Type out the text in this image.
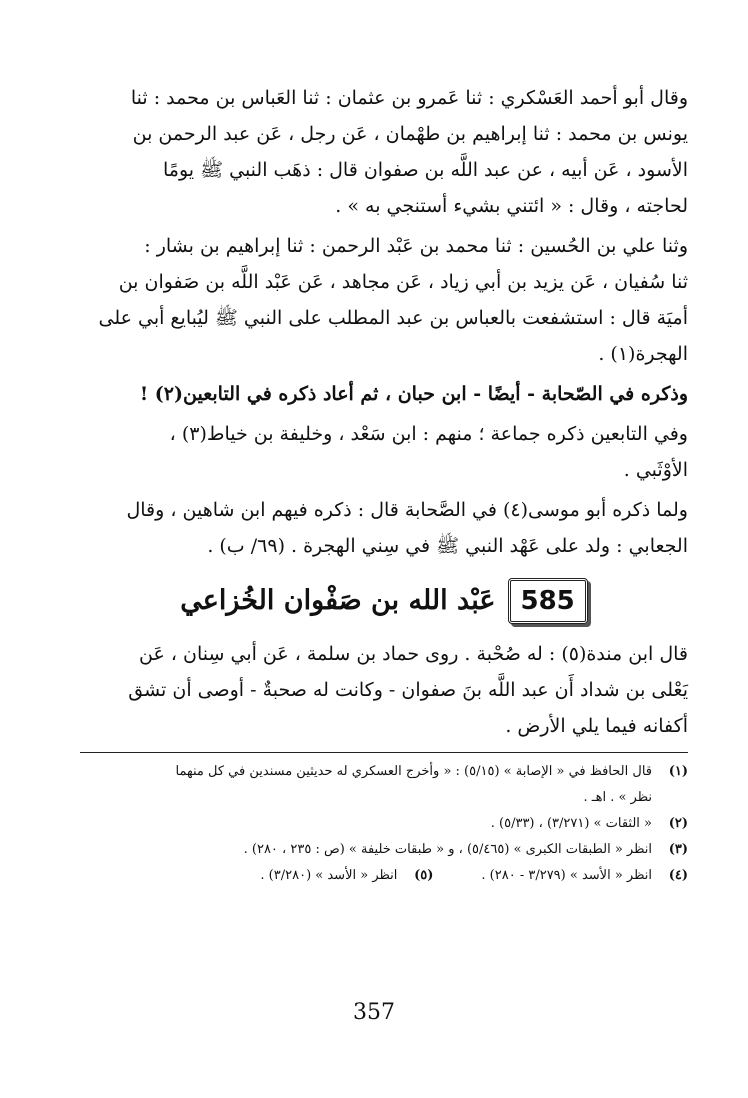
وقال أبو أحمد العَسْكري : ثنا عَمرو بن عثمان : ثنا العَباس بن محمد : ثنا
يونس بن محمد : ثنا إبراهيم بن طهْمان ، عَن رجل ، عَن عبد الرحمن بن
الأسود ، عَن أبيه ، عن عبد اللَّه بن صفوان قال : ذهَب النبي ﷺ يومًا
لحاجته ، وقال : « ائتني بشيء أستنجي به » .

وثنا علي بن الحُسين : ثنا محمد بن عَبْد الرحمن : ثنا إبراهيم بن بشار :
ثنا سُفيان ، عَن يزيد بن أبي زياد ، عَن مجاهد ، عَن عَبْد اللَّه بن صَفوان بن
أميَة قال : استشفعت بالعباس بن عبد المطلب على النبي ﷺ ليُبايع أبي على
الهجرة(١) .

وذكره في الصّحابة - أيضًا - ابن حبان ، ثم أعاد ذكره في التابعين(٢) !

وفي التابعين ذكره جماعة ؛ منهم : ابن سَعْد ، وخليفة بن خياط(٣) ،
الأوْثَبي .

ولما ذكره أبو موسى(٤) في الصَّحابة قال : ذكره فيهم ابن شاهين ، وقال
الجعابي : ولد على عَهْد النبي ﷺ في سِني الهجرة . (٦٩/ ب) .

585
عَبْد الله بن صَفْوان الخُزاعي

قال ابن مندة(٥) : له صُحْبة . روى حماد بن سلمة ، عَن أبي سِنان ، عَن
يَعْلى بن شداد أَن عبد اللَّه بنَ صفوان - وكانت له صحبةٌ - أوصى أن تشق
أكفانه فيما يلي الأرض .

(١)
قال الحافظ في « الإصابة » (٥/١٥) : « وأخرج العسكري له حديثين مسندين في كل منهما
نظر » . اهـ .
(٢)
« الثقات » (٣/٢٧١) ، (٥/٣٣) .
(٣)
انظر « الطبقات الكبرى » (٥/٤٦٥) ، و « طبقات خليفة » (ص : ٢٣٥ ، ٢٨٠) .
(٤)
انظر « الأسد » (٣/٢٧٩ - ٢٨٠) .
(٥)
انظر « الأسد » (٣/٢٨٠) .
357
